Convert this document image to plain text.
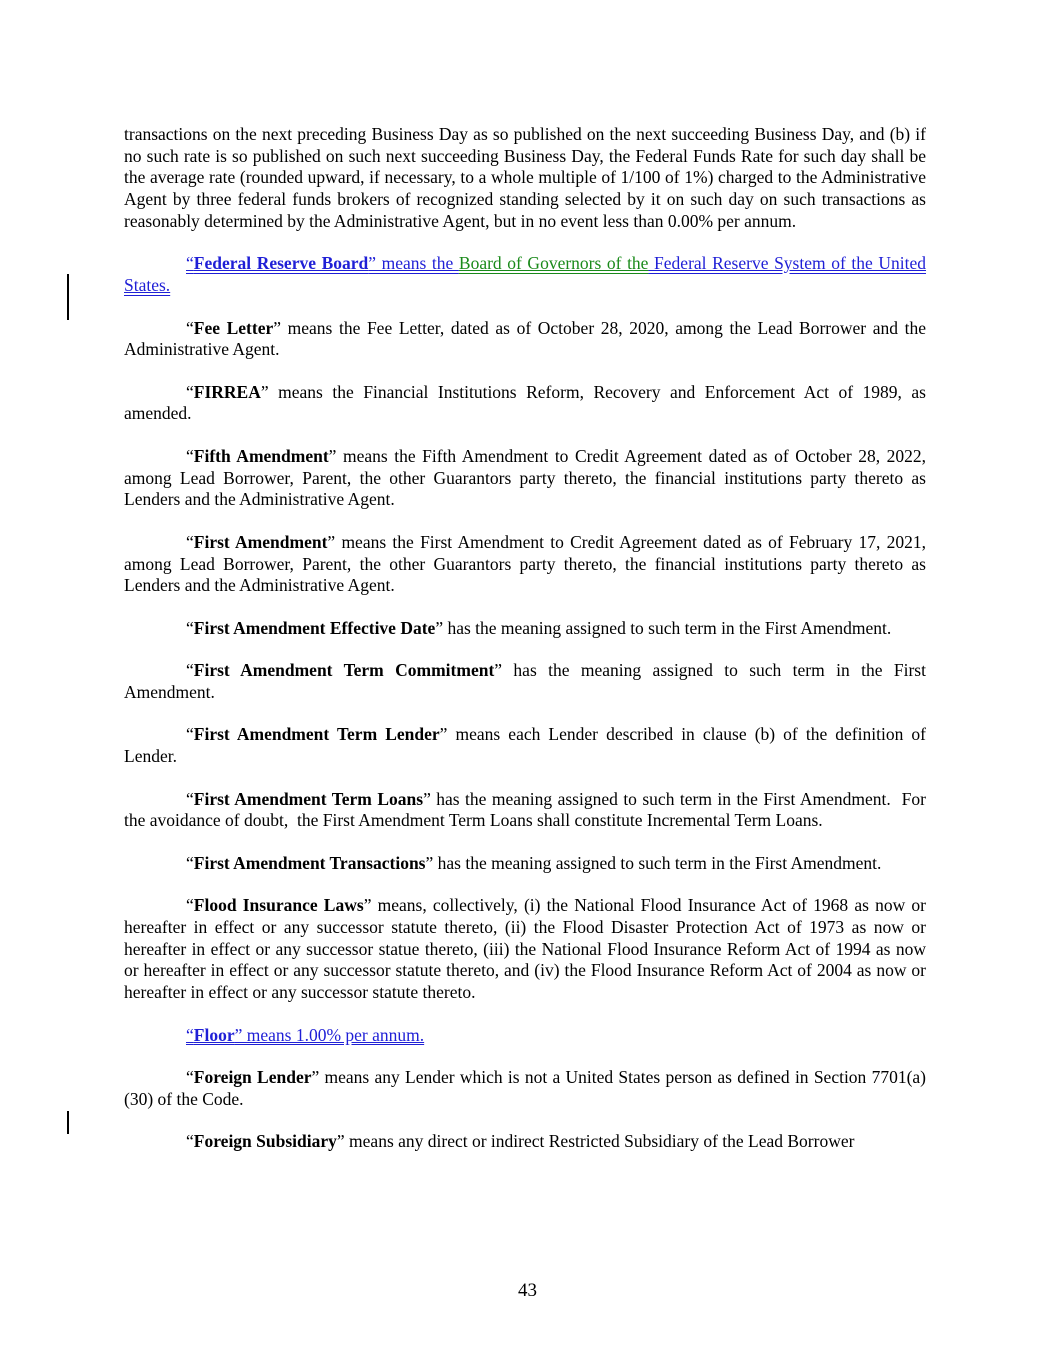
transactions on the next preceding Business Day as so published on the next succeeding Business Day, and (b) if no such rate is so published on such next succeeding Business Day, the Federal Funds Rate for such day shall be the average rate (rounded upward, if necessary, to a whole multiple of 1/100 of 1%) charged to the Administrative Agent by three federal funds brokers of recognized standing selected by it on such day on such transactions as reasonably determined by the Administrative Agent, but in no event less than 0.00% per annum.

“Federal Reserve Board” means the Board of Governors of the Federal Reserve System of the United States.

“Fee Letter” means the Fee Letter, dated as of October 28, 2020, among the Lead Borrower and the Administrative Agent.

“FIRREA” means the Financial Institutions Reform, Recovery and Enforcement Act of 1989, as amended.

“Fifth Amendment” means the Fifth Amendment to Credit Agreement dated as of October 28, 2022, among Lead Borrower, Parent, the other Guarantors party thereto, the financial institutions party thereto as Lenders and the Administrative Agent.

“First Amendment” means the First Amendment to Credit Agreement dated as of February 17, 2021, among Lead Borrower, Parent, the other Guarantors party thereto, the financial institutions party thereto as Lenders and the Administrative Agent.

“First Amendment Effective Date” has the meaning assigned to such term in the First Amendment.

“First Amendment Term Commitment” has the meaning assigned to such term in the First Amendment.

“First Amendment Term Lender” means each Lender described in clause (b) of the definition of Lender.

“First Amendment Term Loans” has the meaning assigned to such term in the First Amendment.  For the avoidance of doubt,  the First Amendment Term Loans shall constitute Incremental Term Loans.

“First Amendment Transactions” has the meaning assigned to such term in the First Amendment.

“Flood Insurance Laws” means, collectively, (i) the National Flood Insurance Act of 1968 as now or hereafter in effect or any successor statute thereto, (ii) the Flood Disaster Protection Act of 1973 as now or hereafter in effect or any successor statue thereto, (iii) the National Flood Insurance Reform Act of 1994 as now or hereafter in effect or any successor statute thereto, and (iv) the Flood Insurance Reform Act of 2004 as now or hereafter in effect or any successor statute thereto.

“Floor” means 1.00% per annum.

“Foreign Lender” means any Lender which is not a United States person as defined in Section 7701(a)(30) of the Code.

“Foreign Subsidiary” means any direct or indirect Restricted Subsidiary of the Lead Borrower

43
